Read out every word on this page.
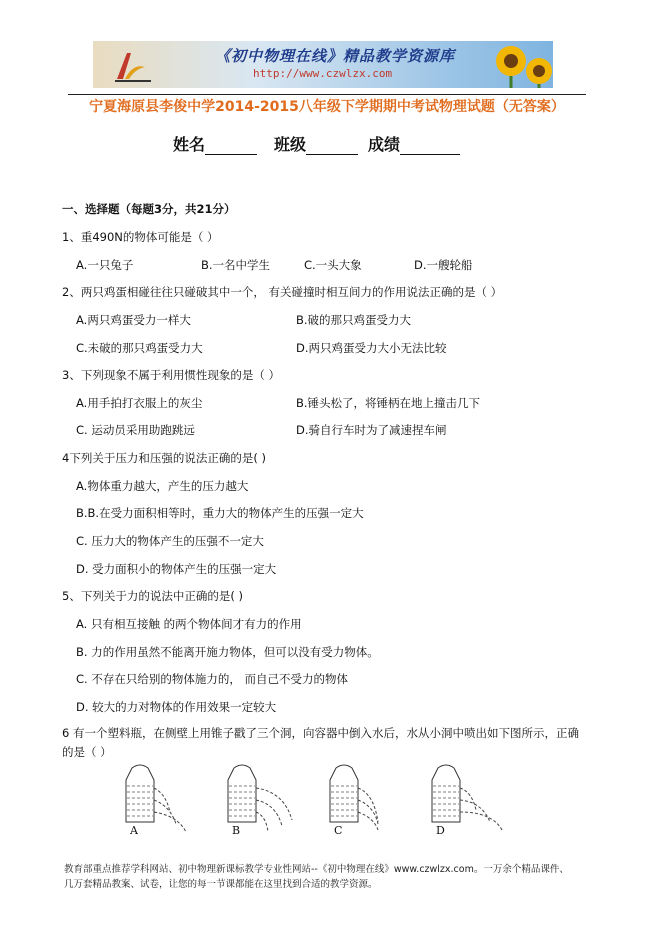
《初中物理在线》精品教学资源库
http://www.czwlzx.com
宁夏海原县李俊中学2014-2015八年级下学期期中考试物理试题（无答案）
姓名	班级	成绩
一、选择题（每题3分，共21分）
1、重490N的物体可能是（ ）
A.一只兔子	B.一名中学生	C.一头大象	D.一艘轮船
2、两只鸡蛋相碰往往只碰破其中一个， 有关碰撞时相互间力的作用说法正确的是（ ）
A.两只鸡蛋受力一样大	B.破的那只鸡蛋受力大
C.未破的那只鸡蛋受力大	D.两只鸡蛋受力大小无法比较
3、下列现象不属于利用惯性现象的是（ ）
A.用手拍打衣服上的灰尘	B.锤头松了，将锤柄在地上撞击几下
C. 运动员采用助跑跳远	D.骑自行车时为了减速捏车闸
4下列关于压力和压强的说法正确的是( )
A.物体重力越大，产生的压力越大
B.B.在受力面积相等时，重力大的物体产生的压强一定大
C. 压力大的物体产生的压强不一定大
D. 受力面积小的物体产生的压强一定大
5、下列关于力的说法中正确的是( )
A. 只有相互接触 的两个物体间才有力的作用
B. 力的作用虽然不能离开施力物体，但可以没有受力物体。
C. 不存在只给别的物体施力的， 而自己不受力的物体
D. 较大的力对物体的作用效果一定较大
6 有一个塑料瓶，在侧壁上用锥子戳了三个洞，向容器中倒入水后，水从小洞中喷出如下图所示，正确
的是（ ）
A	B	C	D
教育部重点推荐学科网站、初中物理新课标教学专业性网站--《初中物理在线》www.czwlzx.com。一万余个精品课件、
几万套精品教案、试卷，让您的每一节课都能在这里找到合适的教学资源。
